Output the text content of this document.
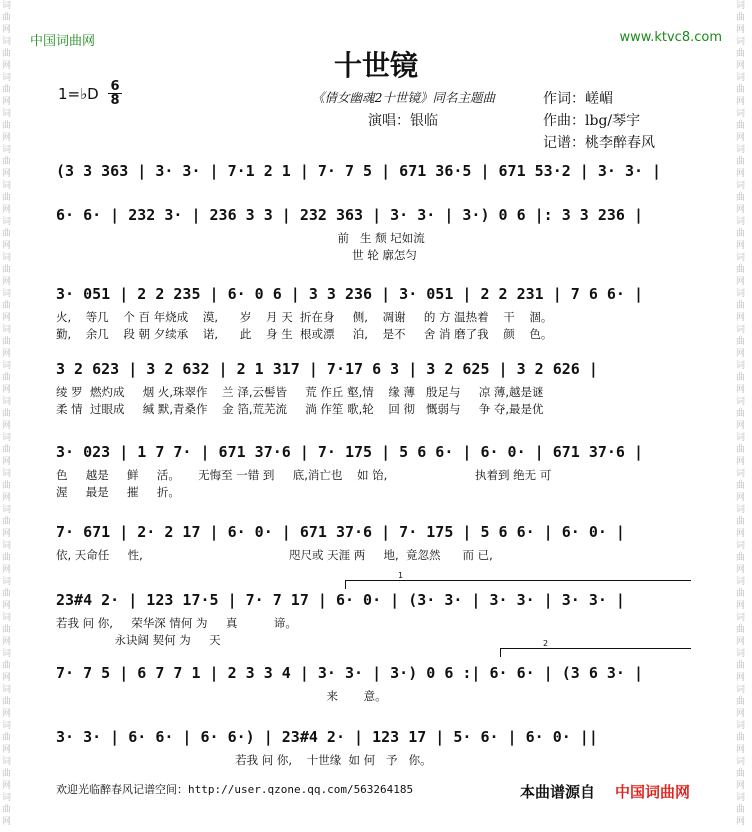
词曲网
词曲网
词曲网
词曲网
词曲网
词曲网
词曲网
词曲网
词曲网
词曲网
词曲网
词曲网
词曲网
词曲网
词曲网
词曲网
词曲网
词曲网
词曲网
词曲网
词曲网
词曲网
词曲网
词曲网
词曲网
词曲网
词曲网
词曲网
词曲网
词曲网
词曲网
词曲网
词曲网
词曲网
词曲网
词曲网
词曲网
词曲网
词曲网
词曲网
词曲网
词曲网
词曲网
词曲网
词曲网
词曲网
中国词曲网	www.ktvc8.com
十世镜
1=♭D 6
8	《倩女幽魂2十世镜》同名主题曲
演唱：银临
作词：嵯嵋
作曲：lbg/琴宇
记谱：桃李醉春风
(3 3 363 | 3· 3· | 7·1 2 1 | 7· 7 5 | 671 36·5 | 671 53·2 | 3· 3· |
6· 6· | 232 3· | 236 3 3 | 232 363 | 3· 3· | 3·) 0 6 |: 3 3 236 |
前   生 颓 圮如流
世 轮 廓怎匀
3· 051 | 2 2 235 | 6· 0 6 | 3 3 236 | 3· 051 | 2 2 231 | 7 6 6· |
火,    等几    个 百 年烧成    漠,      岁    月 天  折在身     侧,    凋谢     的 方 温热着    干    涸。
勤,    余几    段 朝 夕续承    诺,      此    身 生  根或漂     泊,    是不     舍 消 磨了我    颜    色。
3 2 623 | 3 2 632 | 2 1 317 | 7·17 6 3 | 3 2 625 | 3 2 626 |
绫 罗  燃灼成     烟 火,珠翠作    兰 泽,云髻皆     荒 作丘 壑,情    缘 薄   殷足与     凉 薄,越是谜
柔 情  过眼成     缄 默,青桑作    金 箔,荒芜流     淌 作笙 歌,轮    回 彻   慨弱与     争 夺,最是优
3· 023 | 1 7 7· | 671 37·6 | 7· 175 | 5 6 6· | 6· 0· | 671 37·6 |
色     越是     鲜     活。     无悔至 一错 到     底,消亡也    如 饴,                        执着到 绝无 可
渥     最是     摧     折。
7· 671 | 2· 2 17 | 6· 0· | 671 37·6 | 7· 175 | 5 6 6· | 6· 0· |
依, 天命任     性,                                        咫尺或 天涯 两     地,  竟忽然      而 已,
23#4 2· | 123 17·5 | 7· 7 17 | 6· 0· | (3· 3· | 3· 3· | 3· 3· |
若我 问 你,     荣华深 情何 为     真          谛。
永诀阔 契何 为     天
7· 7 5 | 6 7 7 1 | 2 3 3 4 | 3· 3· | 3·) 0 6 :| 6· 6· | (3 6 3· |
来       意。
3· 3· | 6· 6· | 6· 6·) | 23#4 2· | 123 17 | 5· 6· | 6· 0· ||
若我 问 你,    十世缘  如 何   予   你。
1
2
欢迎光临醉春风记谱空间：http://user.qzone.qq.com/563264185	本曲谱源自 中国词曲网
